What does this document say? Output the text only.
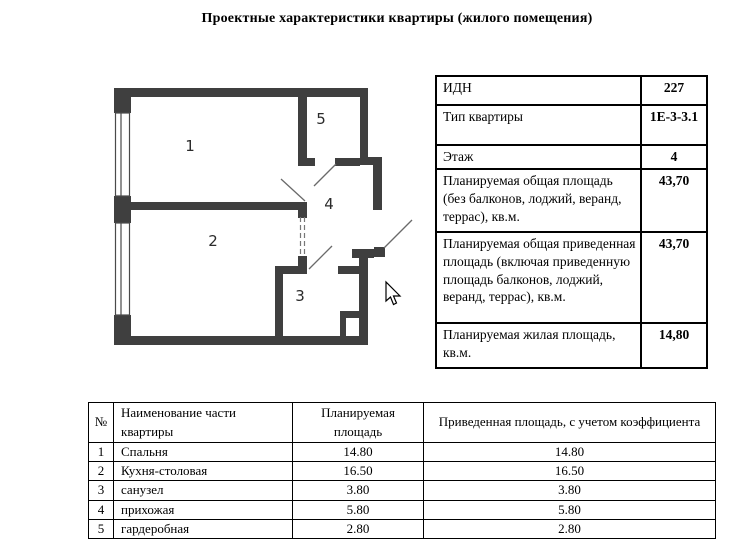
Проектные характеристики квартиры (жилого помещения)
1
2
3
4
5
ИДН	227
Тип квартиры	1Е-3-3.1
Этаж	4
Планируемая общая площадь (без балконов, лоджий, веранд, террас), кв.м.	43,70
Планируемая общая приведенная площадь (включая приведенную площадь балконов, лоджий, веранд, террас), кв.м.	43,70
Планируемая жилая площадь, кв.м.	14,80
№	Наименование части квартиры	Планируемая площадь	Приведенная площадь, с учетом коэффициента
1	Спальня	14.80	14.80
2	Кухня-столовая	16.50	16.50
3	санузел	3.80	3.80
4	прихожая	5.80	5.80
5	гардеробная	2.80	2.80
